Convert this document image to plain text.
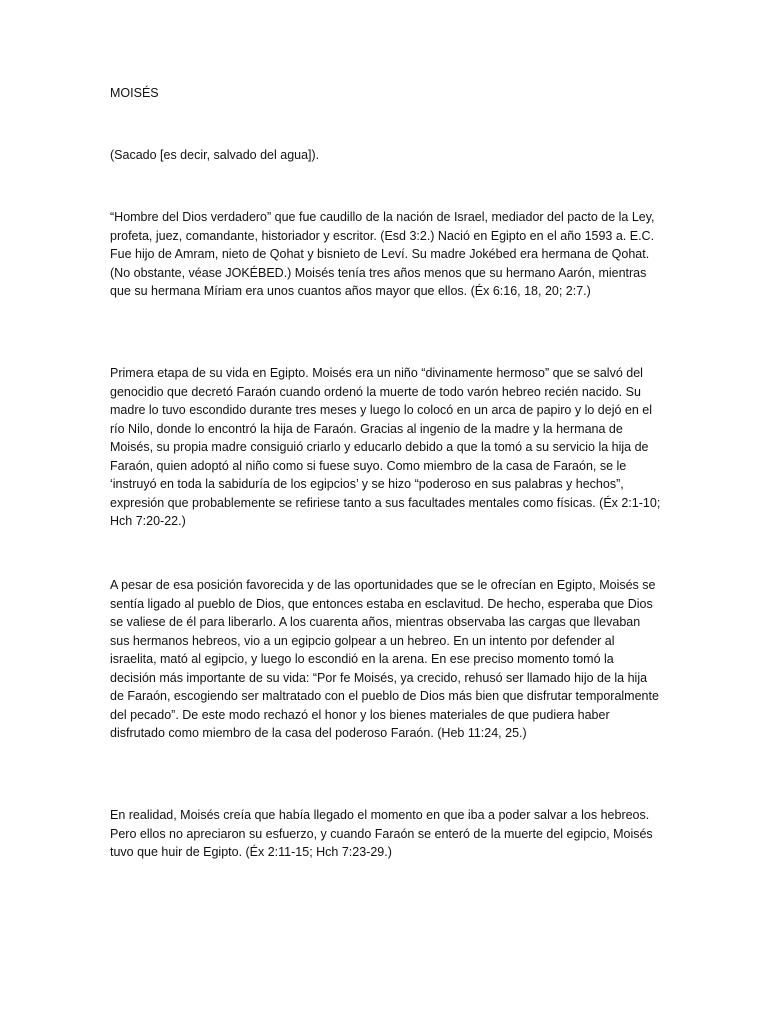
MOISÉS

(Sacado [es decir, salvado del agua]).

“Hombre del Dios verdadero” que fue caudillo de la nación de Israel, mediador del pacto de la Ley, profeta, juez, comandante, historiador y escritor. (Esd 3:2.) Nació en Egipto en el año 1593 a. E.C. Fue hijo de Amram, nieto de Qohat y bisnieto de Leví. Su madre Jokébed era hermana de Qohat. (No obstante, véase JOKÉBED.) Moisés tenía tres años menos que su hermano Aarón, mientras que su hermana Míriam era unos cuantos años mayor que ellos. (Éx 6:16, 18, 20; 2:7.)

Primera etapa de su vida en Egipto. Moisés era un niño “divinamente hermoso” que se salvó del genocidio que decretó Faraón cuando ordenó la muerte de todo varón hebreo recién nacido. Su madre lo tuvo escondido durante tres meses y luego lo colocó en un arca de papiro y lo dejó en el río Nilo, donde lo encontró la hija de Faraón. Gracias al ingenio de la madre y la hermana de Moisés, su propia madre consiguió criarlo y educarlo debido a que la tomó a su servicio la hija de Faraón, quien adoptó al niño como si fuese suyo. Como miembro de la casa de Faraón, se le ‘instruyó en toda la sabiduría de los egipcios’ y se hizo “poderoso en sus palabras y hechos”, expresión que probablemente se refiriese tanto a sus facultades mentales como físicas. (Éx 2:1-10; Hch 7:20-22.)

A pesar de esa posición favorecida y de las oportunidades que se le ofrecían en Egipto, Moisés se sentía ligado al pueblo de Dios, que entonces estaba en esclavitud. De hecho, esperaba que Dios se valiese de él para liberarlo. A los cuarenta años, mientras observaba las cargas que llevaban sus hermanos hebreos, vio a un egipcio golpear a un hebreo. En un intento por defender al israelita, mató al egipcio, y luego lo escondió en la arena. En ese preciso momento tomó la decisión más importante de su vida: “Por fe Moisés, ya crecido, rehusó ser llamado hijo de la hija de Faraón, escogiendo ser maltratado con el pueblo de Dios más bien que disfrutar temporalmente del pecado”. De este modo rechazó el honor y los bienes materiales de que pudiera haber disfrutado como miembro de la casa del poderoso Faraón. (Heb 11:24, 25.)

En realidad, Moisés creía que había llegado el momento en que iba a poder salvar a los hebreos. Pero ellos no apreciaron su esfuerzo, y cuando Faraón se enteró de la muerte del egipcio, Moisés tuvo que huir de Egipto. (Éx 2:11-15; Hch 7:23-29.)
